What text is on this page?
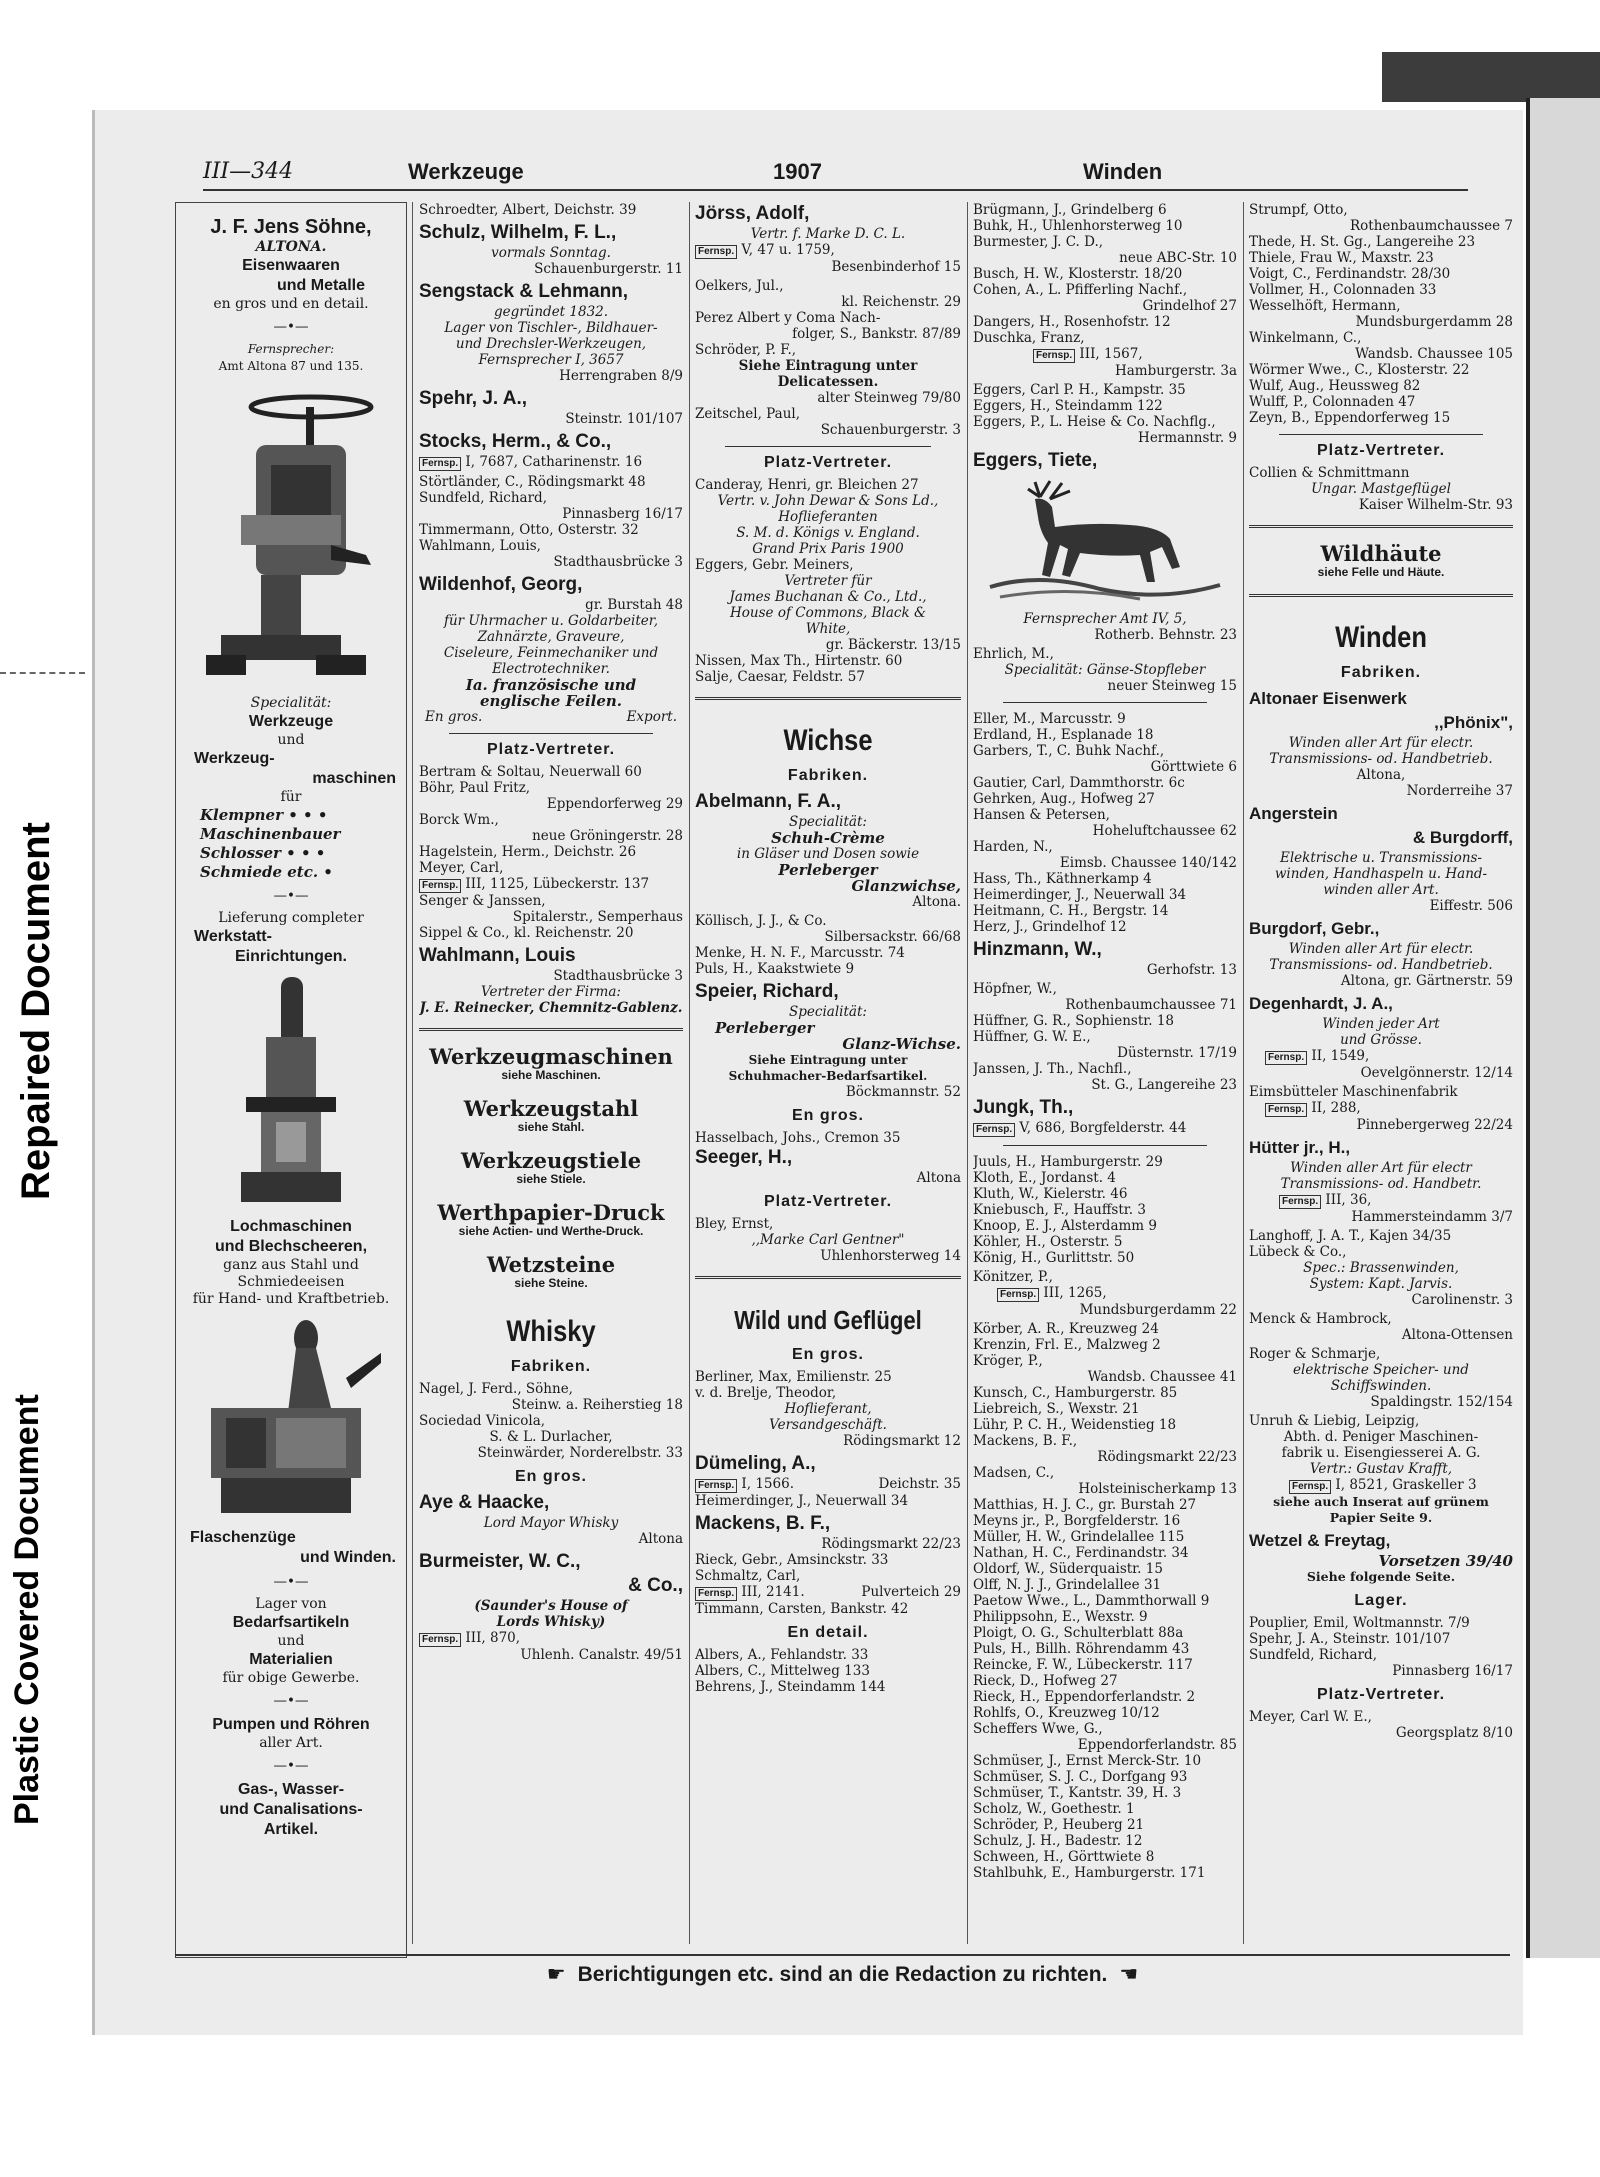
Repaired Document
Plastic Covered Document
III—344	Werkzeuge	1907	Winden
J. F. Jens Söhne,
ALTONA.
Eisenwaaren
und Metalle
en gros und en detail.
—•—
Fernsprecher:
Amt Altona 87 und 135.
Specialität:
Werkzeuge
und
Werkzeug-
maschinen
für
Klempner • • •
Maschinenbauer
Schlosser • • •
Schmiede etc. •
—•—
Lieferung completer
Werkstatt-
Einrichtungen.
Lochmaschinen
und Blechscheeren,
ganz aus Stahl und
Schmiedeeisen
für Hand- und Kraftbetrieb.
Flaschenzüge
und Winden.
—•—
Lager von
Bedarfsartikeln
und
Materialien
für obige Gewerbe.
—•—
Pumpen und Röhren
aller Art.
—•—
Gas-, Wasser-
und Canalisations-
Artikel.
Schroedter, Albert, Deichstr. 39
Schulz, Wilhelm, F. L.,
vormals Sonntag.
Schauenburgerstr. 11
Sengstack & Lehmann,
gegründet 1832.
Lager von Tischler-, Bildhauer-
und Drechsler-Werkzeugen,
Fernsprecher I, 3657
Herrengraben 8/9
Spehr, J. A.,
Steinstr. 101/107
Stocks, Herm., & Co.,
Fernsp. I, 7687, Catharinenstr. 16
Störtländer, C., Rödingsmarkt 48
Sundfeld, Richard,
Pinnasberg 16/17
Timmermann, Otto, Osterstr. 32
Wahlmann, Louis,
Stadthausbrücke 3
Wildenhof, Georg,
gr. Burstah 48
für Uhrmacher u. Goldarbeiter,
Zahnärzte, Graveure,
Ciseleure, Feinmechaniker und
Electrotechniker.
Ia. französische und
englische Feilen.
En gros.	Export.
Platz-Vertreter.
Bertram & Soltau, Neuerwall 60
Böhr, Paul Fritz,
Eppendorferweg 29
Borck Wm.,
neue Gröningerstr. 28
Hagelstein, Herm., Deichstr. 26
Meyer, Carl,
Fernsp. III, 1125, Lübeckerstr. 137
Senger & Janssen,
Spitalerstr., Semperhaus
Sippel & Co., kl. Reichenstr. 20
Wahlmann, Louis
Stadthausbrücke 3
Vertreter der Firma:
J. E. Reinecker, Chemnitz-Gablenz.
Werkzeugmaschinen
siehe Maschinen.
Werkzeugstahl
siehe Stahl.
Werkzeugstiele
siehe Stiele.
Werthpapier-Druck
siehe Actien- und Werthe-Druck.
Wetzsteine
siehe Steine.
Whisky
Fabriken.
Nagel, J. Ferd., Söhne,
Steinw. a. Reiherstieg 18
Sociedad Vinicola,
S. & L. Durlacher,
Steinwärder, Norderelbstr. 33
En gros.
Aye & Haacke,
Lord Mayor Whisky
Altona
Burmeister, W. C.,
& Co.,
(Saunder's House of
Lords Whisky)
Fernsp. III, 870,
Uhlenh. Canalstr. 49/51
Jörss, Adolf,
Vertr. f. Marke D. C. L.
Fernsp. V, 47 u. 1759,
Besenbinderhof 15
Oelkers, Jul.,
kl. Reichenstr. 29
Perez Albert y Coma Nach-
folger, S., Bankstr. 87/89
Schröder, P. F.,
Siehe Eintragung unter
Delicatessen.
alter Steinweg 79/80
Zeitschel, Paul,
Schauenburgerstr. 3
Platz-Vertreter.
Canderay, Henri, gr. Bleichen 27
Vertr. v. John Dewar & Sons Ld.,
Hoflieferanten
S. M. d. Königs v. England.
Grand Prix Paris 1900
Eggers, Gebr. Meiners,
Vertreter für
James Buchanan & Co., Ltd.,
House of Commons, Black &
White,
gr. Bäckerstr. 13/15
Nissen, Max Th., Hirtenstr. 60
Salje, Caesar, Feldstr. 57
Wichse
Fabriken.
Abelmann, F. A.,
Specialität:
Schuh-Crème
in Gläser und Dosen sowie
Perleberger
Glanzwichse,
Altona.
Köllisch, J. J., & Co.
Silbersackstr. 66/68
Menke, H. N. F., Marcusstr. 74
Puls, H., Kaakstwiete 9
Speier, Richard,
Specialität:
Perleberger
Glanz-Wichse.
Siehe Eintragung unter
Schuhmacher-Bedarfsartikel.
Böckmannstr. 52
En gros.
Hasselbach, Johs., Cremon 35
Seeger, H.,
Altona
Platz-Vertreter.
Bley, Ernst,
,,Marke Carl Gentner"
Uhlenhorsterweg 14
Wild und Geflügel
En gros.
Berliner, Max, Emilienstr. 25
v. d. Brelje, Theodor,
Hoflieferant,
Versandgeschäft.
Rödingsmarkt 12
Dümeling, A.,
Fernsp. I, 1566.	Deichstr. 35
Heimerdinger, J., Neuerwall 34
Mackens, B. F.,
Rödingsmarkt 22/23
Rieck, Gebr., Amsinckstr. 33
Schmaltz, Carl,
Fernsp. III, 2141.	Pulverteich 29
Timmann, Carsten, Bankstr. 42
En detail.
Albers, A., Fehlandstr. 33
Albers, C., Mittelweg 133
Behrens, J., Steindamm 144
Brügmann, J., Grindelberg 6
Buhk, H., Uhlenhorsterweg 10
Burmester, J. C. D.,
neue ABC-Str. 10
Busch, H. W., Klosterstr. 18/20
Cohen, A., L. Pfifferling Nachf.,
Grindelhof 27
Dangers, H., Rosenhofstr. 12
Duschka, Franz,
Fernsp. III, 1567,
Hamburgerstr. 3a
Eggers, Carl P. H., Kampstr. 35
Eggers, H., Steindamm 122
Eggers, P., L. Heise & Co. Nachflg.,
Hermannstr. 9
Eggers, Tiete,
Fernsprecher Amt IV, 5,
Rotherb. Behnstr. 23
Ehrlich, M.,
Specialität: Gänse-Stopfleber
neuer Steinweg 15
Eller, M., Marcusstr. 9
Erdland, H., Esplanade 18
Garbers, T., C. Buhk Nachf.,
Görttwiete 6
Gautier, Carl, Dammthorstr. 6c
Gehrken, Aug., Hofweg 27
Hansen & Petersen,
Hoheluftchaussee 62
Harden, N.,
Eimsb. Chaussee 140/142
Hass, Th., Käthnerkamp 4
Heimerdinger, J., Neuerwall 34
Heitmann, C. H., Bergstr. 14
Herz, J., Grindelhof 12
Hinzmann, W.,
Gerhofstr. 13
Höpfner, W.,
Rothenbaumchaussee 71
Hüffner, G. R., Sophienstr. 18
Hüffner, G. W. E.,
Düsternstr. 17/19
Janssen, J. Th., Nachfl.,
St. G., Langereihe 23
Jungk, Th.,
Fernsp. V, 686, Borgfelderstr. 44
Juuls, H., Hamburgerstr. 29
Kloth, E., Jordanst. 4
Kluth, W., Kielerstr. 46
Kniebusch, F., Hauffstr. 3
Knoop, E. J., Alsterdamm 9
Köhler, H., Osterstr. 5
König, H., Gurlittstr. 50
Könitzer, P.,
Fernsp. III, 1265,
Mundsburgerdamm 22
Körber, A. R., Kreuzweg 24
Krenzin, Frl. E., Malzweg 2
Kröger, P.,
Wandsb. Chaussee 41
Kunsch, C., Hamburgerstr. 85
Liebreich, S., Wexstr. 21
Lühr, P. C. H., Weidenstieg 18
Mackens, B. F.,
Rödingsmarkt 22/23
Madsen, C.,
Holsteinischerkamp 13
Matthias, H. J. C., gr. Burstah 27
Meyns jr., P., Borgfelderstr. 16
Müller, H. W., Grindelallee 115
Nathan, H. C., Ferdinandstr. 34
Oldorf, W., Süderquaistr. 15
Olff, N. J. J., Grindelallee 31
Paetow Wwe., L., Dammthorwall 9
Philippsohn, E., Wexstr. 9
Ploigt, O. G., Schulterblatt 88a
Puls, H., Billh. Röhrendamm 43
Reincke, F. W., Lübeckerstr. 117
Rieck, D., Hofweg 27
Rieck, H., Eppendorferlandstr. 2
Rohlfs, O., Kreuzweg 10/12
Scheffers Wwe, G.,
Eppendorferlandstr. 85
Schmüser, J., Ernst Merck-Str. 10
Schmüser, S. J. C., Dorfgang 93
Schmüser, T., Kantstr. 39, H. 3
Scholz, W., Goethestr. 1
Schröder, P., Heuberg 21
Schulz, J. H., Badestr. 12
Schween, H., Görttwiete 8
Stahlbuhk, E., Hamburgerstr. 171
Strumpf, Otto,
Rothenbaumchaussee 7
Thede, H. St. Gg., Langereihe 23
Thiele, Frau W., Maxstr. 23
Voigt, C., Ferdinandstr. 28/30
Vollmer, H., Colonnaden 33
Wesselhöft, Hermann,
Mundsburgerdamm 28
Winkelmann, C.,
Wandsb. Chaussee 105
Wörmer Wwe., C., Klosterstr. 22
Wulf, Aug., Heussweg 82
Wulff, P., Colonnaden 47
Zeyn, B., Eppendorferweg 15
Platz-Vertreter.
Collien & Schmittmann
Ungar. Mastgeflügel
Kaiser Wilhelm-Str. 93
Wildhäute
siehe Felle und Häute.
Winden
Fabriken.
Altonaer Eisenwerk
,,Phönix",
Winden aller Art für electr.
Transmissions- od. Handbetrieb.
Altona,
Norderreihe 37
Angerstein
& Burgdorff,
Elektrische u. Transmissions-
winden, Handhaspeln u. Hand-
winden aller Art.
Eiffestr. 506
Burgdorf, Gebr.,
Winden aller Art für electr.
Transmissions- od. Handbetrieb.
Altona, gr. Gärtnerstr. 59
Degenhardt, J. A.,
Winden jeder Art
und Grösse.
Fernsp. II, 1549,
Oevelgönnerstr. 12/14
Eimsbütteler Maschinenfabrik
Fernsp. II, 288,
Pinnebergerweg 22/24
Hütter jr., H.,
Winden aller Art für electr
Transmissions- od. Handbetr.
Fernsp. III, 36,
Hammersteindamm 3/7
Langhoff, J. A. T., Kajen 34/35
Lübeck & Co.,
Spec.: Brassenwinden,
System: Kapt. Jarvis.
Carolinenstr. 3
Menck & Hambrock,
Altona-Ottensen
Roger & Schmarje,
elektrische Speicher- und
Schiffswinden.
Spaldingstr. 152/154
Unruh & Liebig, Leipzig,
Abth. d. Peniger Maschinen-
fabrik u. Eisengiesserei A. G.
Vertr.: Gustav Krafft,
Fernsp. I, 8521, Graskeller 3
siehe auch Inserat auf grünem
Papier Seite 9.
Wetzel & Freytag,
Vorsetzen 39/40
Siehe folgende Seite.
Lager.
Pouplier, Emil, Woltmannstr. 7/9
Spehr, J. A., Steinstr. 101/107
Sundfeld, Richard,
Pinnasberg 16/17
Platz-Vertreter.
Meyer, Carl W. E.,
Georgsplatz 8/10
☛ Berichtigungen etc. sind an die Redaction zu richten. ☚
